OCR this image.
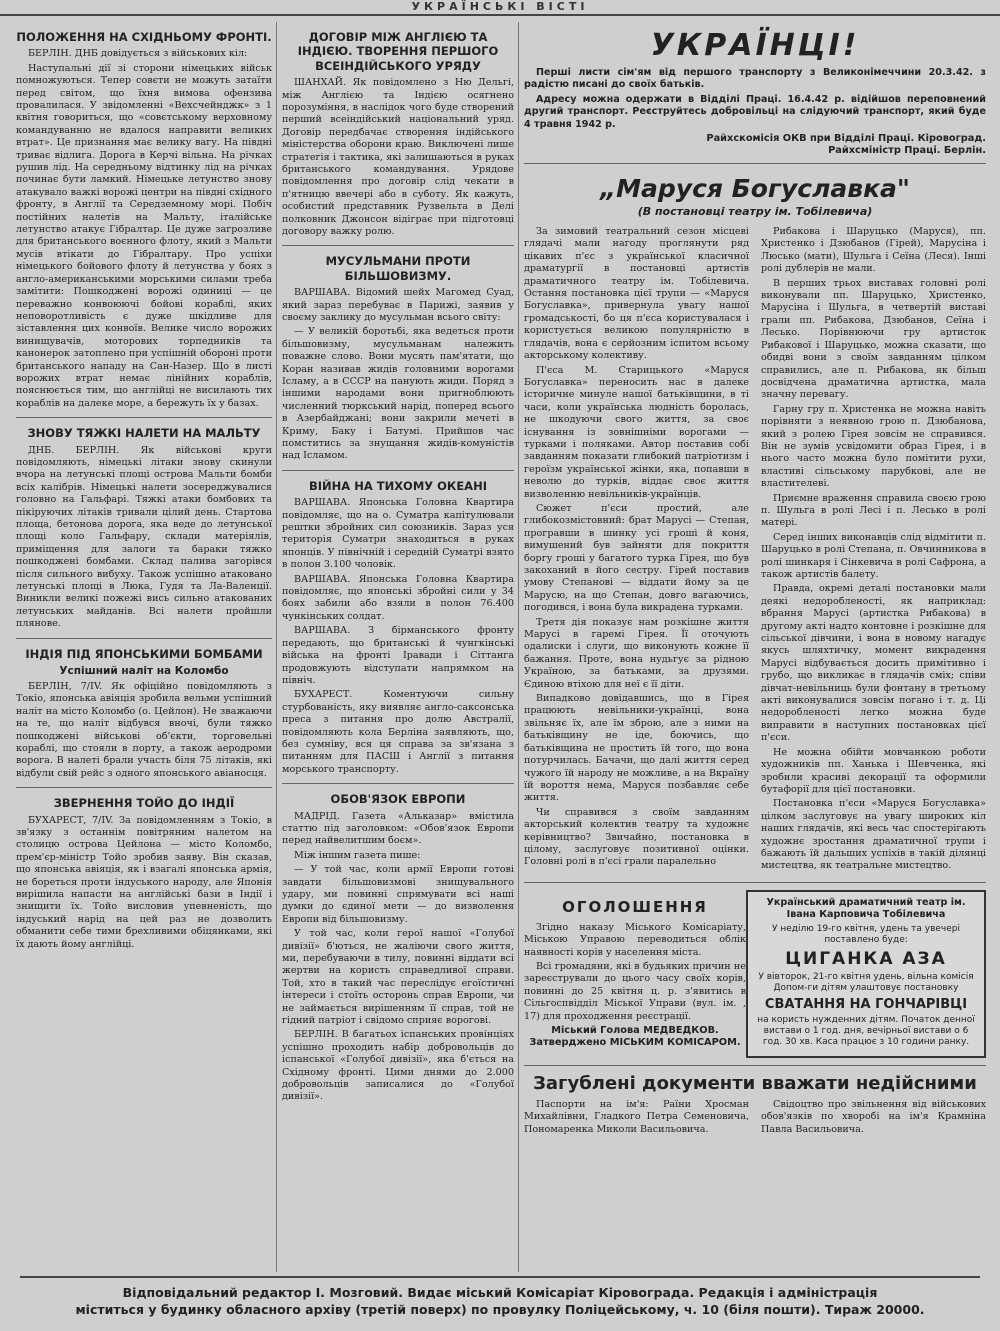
УКРАЇНСЬКІ ВІСТІ
ПОЛОЖЕННЯ НА СХІДНЬОМУ ФРОНТІ.

БЕРЛІН. ДНБ довідується з військових кіл:

Наступальні дії зі сторони німецьких військ помножуються. Тепер совєти не можуть затаїти перед світом, що їхня вимова офензива провалилася. У звідомленні «Вехсчейнджк» з 1 квітня говориться, що «совєтському верховному командуванню не вдалося направити великих втрат». Це признання має велику вагу. На півдні триває відлига. Дорога в Керчі вільна. На річках рушив лід. На середньому відтинку лід на річках починає бути ламкий. Німецьке летунство знову атакувало важкі ворожі центри на півдні східного фронту, в Англії та Середземному морі. Побіч постійних налетів на Мальту, італійське летунство атакує Гібралтар. Це дуже загрозливе для британського воєнного флоту, який з Мальти мусів втікати до Гібралтару. Про успіхи німецького бойового флоту й летунства у боях з англо-американськими морськими силами треба замітити: Пошкоджені ворожі одиниці — це переважно конвоюючі бойові кораблі, яких неповоротливість є дуже шкідливе для зіставлення цих конвоїв. Велике число ворожих винищувачів, моторових торпедників та канонерок затоплено при успішній обороні проти британського нападу на Сан-Назер. Що в листі ворожих втрат немає лінійних кораблів, пояснюється тим, що англійці не висилають тих кораблів на далеке море, а бережуть їх у базах.

ЗНОВУ ТЯЖКІ НАЛЕТИ НА МАЛЬТУ

ДНБ. БЕРЛІН. Як військові круги повідомляють, німецькі літаки знову скинули вчора на летунські площі острова Мальти бомби всіх калібрів. Німецькі налети зосереджувалися головно на Гальфарі. Тяжкі атаки бомбових та пікіруючих літаків тривали цілий день. Стартова площа, бетонова дорога, яка веде до летунської площі коло Гальфару, склади матеріялів, приміщення для залоги та бараки тяжко пошкоджені бомбами. Склад палива загорівся після сильного вибуху. Також успішно атаковано летунські площі в Люка, Гудя та Ла-Валенції. Виникли великі пожежі вись сильно атакованих летунських майданів. Всі налети пройшли плянове.

ІНДІЯ ПІД ЯПОНСЬКИМИ БОМБАМИ
Успішний наліт на Коломбо

БЕРЛІН, 7/IV. Як офіційно повідомляють з Токіо, японська авіяція зробила вельми успішний наліт на місто Коломбо (о. Цейлон). Не зважаючи на те, що наліт відбувся вночі, були тяжко пошкоджені військові об'єкти, торговельні кораблі, що стояли в порту, а також аеродроми ворога. В налеті брали участь біля 75 літаків, які відбули свій рейс з одного японського авіаносця.

ЗВЕРНЕННЯ ТОЙО ДО ІНДІЇ

БУХАРЕСТ, 7/IV. За повідомленням з Токіо, в зв'язку з останнім повітряним налетом на столицю острова Цейлона — місто Коломбо, прем'єр-міністр Тойо зробив заяву. Він сказав, що японська авіяція, як і взагалі японська армія, не бореться проти індуського народу, але Японія вирішила напасти на англійські бази в Індії і знищити їх. Тойо висловив упевненість, що індуський нарід на цей раз не дозволить обманити себе тими брехливими обіцянками, які їх дають йому англійці.

ДОГОВІР МІЖ АНГЛІЄЮ ТА ІНДІЄЮ. ТВОРЕННЯ ПЕРШОГО ВСЕІНДІЙСЬКОГО УРЯДУ

ШАНХАЙ. Як повідомлено з Ню Дельгі, між Англією та Індією осягнено порозуміння, в наслідок чого буде створений перший всеіндійський національний уряд. Договір передбачає створення індійського міністерства оборони краю. Виключені лише стратегія і тактика, які залишаються в руках британського командування. Урядове повідомлення про договір слід чекати в п'ятницю ввечері або в суботу. Як кажуть, особистий представник Рузвельта в Делі полковник Джонсон відіграє при підготовці договору важку ролю.

МУСУЛЬМАНИ ПРОТИ БІЛЬШОВИЗМУ.

ВАРШАВА. Відомий шейх Магомед Суад, який зараз перебуває в Парижі, заявив у своєму заклику до мусульман всього світу:

— У великій боротьбі, яка ведеться проти більшовизму, мусульманам належить поважне слово. Вони мусять пам'ятати, що Коран називав жидів головними ворогами Ісламу, а в СССР на панують жиди. Поряд з іншими народами вони пригноблюють численний тюркський нарід, поперед всього в Азербайджані; вони закрили мечеті в Криму, Баку і Батумі. Прийшов час помститись за знущання жидів-комуністів над Ісламом.

ВІЙНА НА ТИХОМУ ОКЕАНІ

ВАРШАВА. Японська Головна Квартира повідомляє, що на о. Суматра капітулювали рештки збройних сил союзників. Зараз уся територія Суматри знаходиться в руках японців. У північній і середній Суматрі взято в полон 3.100 чоловік.

ВАРШАВА. Японська Головна Квартира повідомляє, що японські збройні сили у 34 боях забили або взяли в полон 76.400 чункінських солдат.

ВАРШАВА. З бірманського фронту передають, що британські й чунгкінські війська на фронті Іравади і Сіттанга продовжують відступати напрямком на північ.

БУХАРЕСТ. Коментуючи сильну стурбованість, яку виявляє англо-саксонська преса з питання про долю Австралії, повідомляють кола Берліна заявляють, що, без сумніву, вся ця справа за зв'язана з питанням для ПАСШ і Англії з питання морського транспорту.

ОБОВ'ЯЗОК ЕВРОПИ

МАДРІД. Газета «Альказар» вмістила статтю під заголовком: «Обов'язок Европи перед найвелитшим боєм».

Між іншим газета пише:

— У той час, коли армії Европи готові завдати більшовизмові знищувального удару, ми повинні спрямувати всі наші думки до єдиної мети — до визволення Европи від більшовизму.

У той час, коли герої нашої «Голубої дивізії» б'ються, не жаліючи свого життя, ми, перебуваючи в тилу, повинні віддати всі жертви на користь справедливої справи. Той, хто в такий час переслідує егоїстичні інтереси і стоїть осторонь справ Европи, чи не займається вирішенням її справ, той не гідний патріот і свідомо сприяє ворогові.

БЕРЛІН. В багатьох іспанських провінціях успішно проходить набір добровольців до іспанської «Голубої дивізії», яка б'ється на Східному фронті. Цими днями до 2.000 добровольців записалися до «Голубої дивізії».

УКРАЇНЦІ!

Перші листи сім'ям від першого транспорту з Великонімеччини 20.3.42. з радістю писані до своїх батьків.

Адресу можна одержати в Відділі Праці. 16.4.42 р. відійшов переповнений другий транспорт. Реєструйтесь добровільці на слідуючий транспорт, який буде 4 травня 1942 р.

Райхскомісія ОКВ при Відділі Праці. Кіровоград.
Райхсміністр Праці. Берлін.
„Маруся Богуславка"
(В постановці театру ім. Тобілевича)

За зимовий театральний сезон місцеві глядачі мали нагоду проглянути ряд цікавих п'єс з української класичної драматургії в постановці артистів драматичного театру ім. Тобілевича. Остання постановка цієї трупи — «Маруся Богуславка», привернула увагу нашої громадськості, бо ця п'єса користувалася і користується великою популярністю в глядачів, вона є серйозним іспитом всьому акторському колективу.

П'єса М. Старицького «Маруся Богуславка» переносить нас в далеке історичне минуле нашої батьківщини, в ті часи, коли українська людність боролась, не шкодуючи свого життя, за своє існування із зовнішніми ворогами — турками і поляками. Автор поставив собі завданням показати глибокий патріотизм і героїзм української жінки, яка, попавши в неволю до турків, віддає своє життя визволенню невільників-українців.

Сюжет п'єси простий, але глибокозмістовний: брат Марусі — Степан, програвши в шинку усі гроші й коня, вимушений був зайняти для покриття боргу гроші у багатого турка Гірея, що був закоханий в його сестру. Гірей поставив умову Степанові — віддати йому за це Марусю, на що Степан, довго вагаючись, погодився, і вона була викрадена турками.

Третя дія показує нам розкішне життя Марусі в гаремі Гірея. Її оточують одалиски і слуги, що виконують кожне її бажання. Проте, вона нудьгує за рідною Україною, за батьками, за друзями. Єдиною втіхою для неї є її діти.

Випадково довідавшись, що в Гірея працюють невільники-українці, вона звільняє їх, але їм зброю, але з ними на батьківщину не іде, боючись, що батьківщина не простить їй того, що вона потурчилась. Бачачи, що далі життя серед чужого їй народу не можливе, а на Вкраїну їй вороття нема, Маруся позбавляє себе життя.

Чи справився з своїм завданням акторський колектив театру та художнє керівництво? Звичайно, постановка в цілому, заслуговує позитивної оцінки. Головні ролі в п'єсі грали паралельно

Рибакова і Шаруцько (Маруся), пп. Христенко і Дзюбанов (Гірей), Марусіна і Люсько (мати), Шульга і Сеїна (Леся). Інші ролі дублерів не мали.

В перших трьох виставах головні ролі виконували пп. Шаруцько, Христенко, Марусіна і Шульга, в четвертій виставі грали пп. Рибакова, Дзюбанов, Сеїна і Лесько. Порівнюючи гру артисток Рибакової і Шаруцько, можна сказати, що обидві вони з своїм завданням цілком справились, але п. Рибакова, як більш досвідчена драматична артистка, мала значну перевагу.

Гарну гру п. Христенка не можна навіть порівняти з неявною грою п. Дзюбанова, який з ролею Гірея зовсім не справився. Він не зумів усвідомити образ Гірея, і в нього часто можна було помітити рухи, властиві сільському парубкові, але не властителеві.

Приємне враження справила своєю грою п. Шульга в ролі Лесі і п. Лесько в ролі матері.

Серед інших виконавців слід відмітити п. Шаруцько в ролі Степана, п. Овчинникова в ролі шинкаря і Сінкевича в ролі Сафрона, а також артистів балету.

Правда, окремі деталі постановки мали деякі недоробленості, як наприклад: вбрання Марусі (артистка Рибакова) в другому акті надто контовне і розкішне для сільської дівчини, і вона в новому нагадує якусь шляхтичку, момент викрадення Марусі відбувається досить примітивно і грубо, що викликає в глядачів сміх; співи дівчат-невільниць були фонтану в третьому акті виконувалися зовсім погано і т. д. Ці недоробленості легко можна буде виправити в наступних постановках цієї п'єси.

Не можна обійти мовчанкою роботи художників пп. Ханька і Шевченка, які зробили красиві декорації та оформили бутафорії для цієї постановки.

Постановка п'єси «Маруся Богуславка» цілком заслуговує на увагу широких кіл наших глядачів, які весь час спостерігають художнє зростання драматичної трупи і бажають їй дальших успіхів в такій ділянці мистецтва, як театральне мистецтво.

ОГОЛОШЕННЯ

Згідно наказу Міського Комісаріату, Міською Управою переводиться облік наявності корів у населення міста.

Всі громадяни, які в будьяких причин не зареєстрували до цього часу своїх корів, повинні до 25 квітня ц. р. з'явитись в Сільгоспвідділ Міської Управи (вул. ім. , 17) для проходження реєстрації.

Міський Голова МЕДВЕДКОВ.
Затверджено МІСЬКИМ КОМІСАРОМ.
Український драматичний театр ім. Івана Карповича Тобілевича
У неділю 19-го квітня, удень та увечері поставлено буде:
ЦИГАНКА АЗА
У вівторок, 21-го квітня удень, вільна комісія Допом-ги дітям улаштовує постановку
СВАТАННЯ НА ГОНЧАРІВЦІ
на користь нужденних дітям. Початок денної вистави о 1 год. дня, вечірньої вистави о 6 год. 30 хв. Каса працює з 10 години ранку.
Загублені документи вважати недійсними

Паспорти на ім'я: Раїни Хросман Михайлівни, Гладкого Петра Семеновича, Пономаренка Миколи Васильовича.

Свідоцтво про звільнення від військових обов'язків по хворобі на ім'я Крамніна Павла Васильовича.

Відповідальний редактор І. Мозговий. Видає міський Комісаріат Кіровограда. Редакція і адміністрація
міститься у будинку обласного архіву (третій поверх) по провулку Поліцейському, ч. 10 (біля пошти). Тираж 20000.
